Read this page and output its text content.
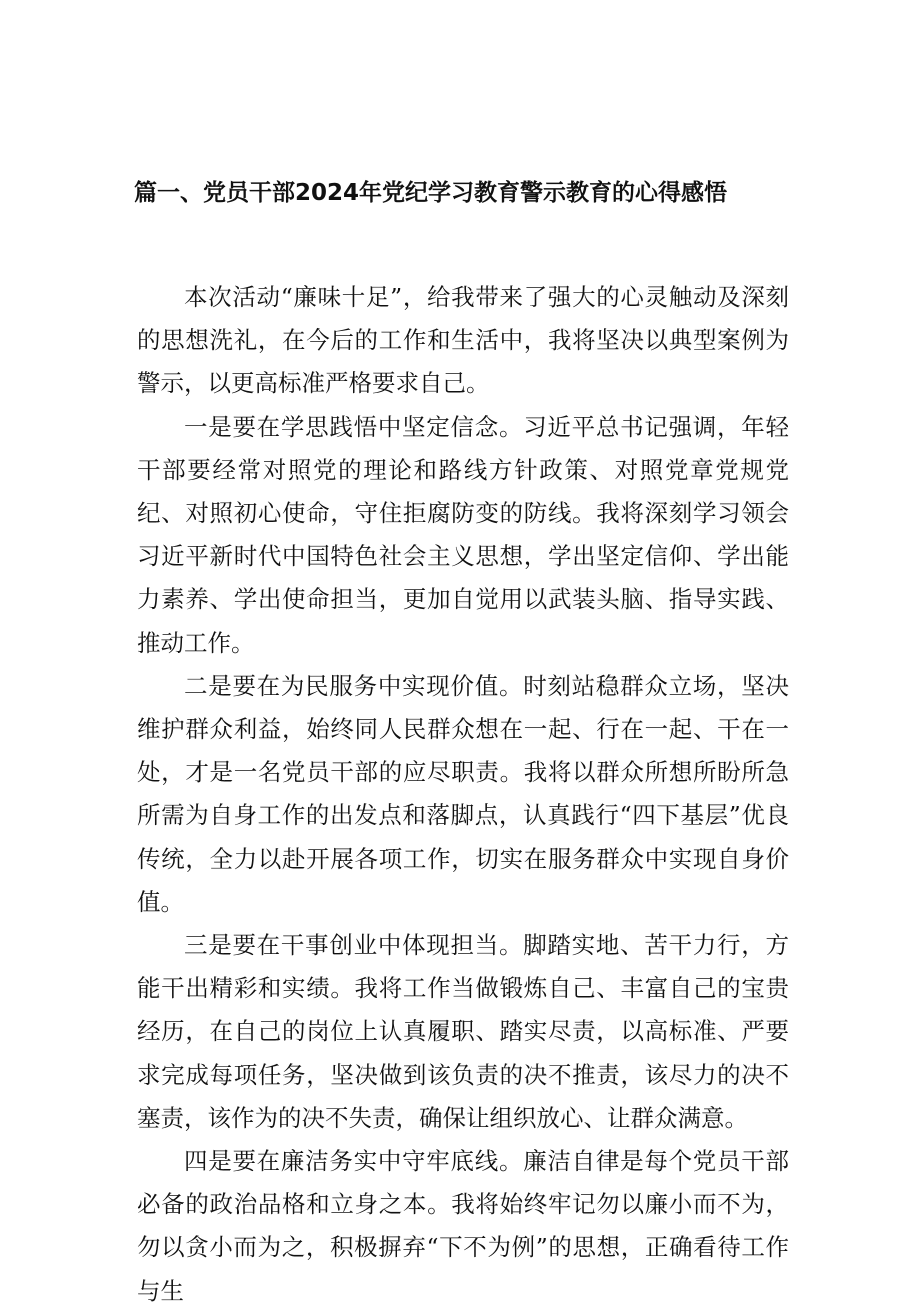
篇一、党员干部2024年党纪学习教育警示教育的心得感悟

本次活动“廉味十足”，给我带来了强大的心灵触动及深刻的思想洗礼，在今后的工作和生活中，我将坚决以典型案例为警示，以更高标准严格要求自己。

一是要在学思践悟中坚定信念。习近平总书记强调，年轻干部要经常对照党的理论和路线方针政策、对照党章党规党纪、对照初心使命，守住拒腐防变的防线。我将深刻学习领会习近平新时代中国特色社会主义思想，学出坚定信仰、学出能力素养、学出使命担当，更加自觉用以武装头脑、指导实践、推动工作。

二是要在为民服务中实现价值。时刻站稳群众立场，坚决维护群众利益，始终同人民群众想在一起、行在一起、干在一处，才是一名党员干部的应尽职责。我将以群众所想所盼所急所需为自身工作的出发点和落脚点，认真践行“四下基层”优良传统，全力以赴开展各项工作，切实在服务群众中实现自身价值。

三是要在干事创业中体现担当。脚踏实地、苦干力行，方能干出精彩和实绩。我将工作当做锻炼自己、丰富自己的宝贵经历，在自己的岗位上认真履职、踏实尽责，以高标准、严要求完成每项任务，坚决做到该负责的决不推责，该尽力的决不塞责，该作为的决不失责，确保让组织放心、让群众满意。

四是要在廉洁务实中守牢底线。廉洁自律是每个党员干部必备的政治品格和立身之本。我将始终牢记勿以廉小而不为，勿以贪小而为之，积极摒弃“下不为例”的思想，正确看待工作与生
